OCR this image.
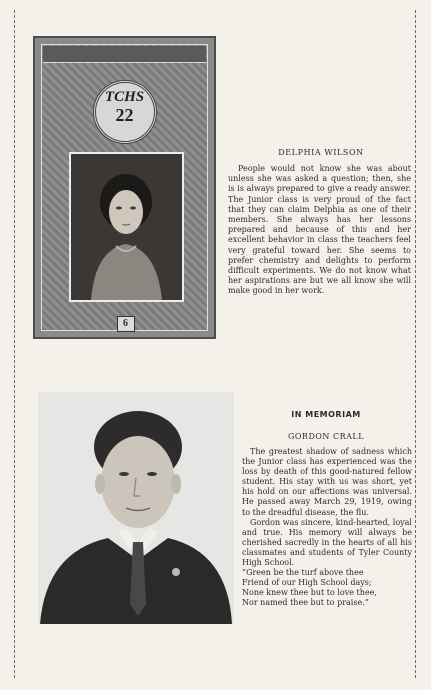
TCHS
22
6
DELPHIA WILSON

People would not know she was about unless she was asked a question; then, she is is always prepared to give a ready answer. The Junior class is very proud of the fact that they can claim Delphia as one of their members. She always has her lessons prepared and because of this and her excellent behavior in class the teachers feel very grateful toward her. She seems to prefer chemistry and delights to perform difficult experiments. We do not know what her aspirations are but we all know she will make good in her work.

IN MEMORIAM
GORDON CRALL
The greatest shadow of sadness which the Junior class has experienced was the loss by death of this good-natured fellow student. His stay with us was short, yet his hold on our affections was universal. He passed away March 29, 1919, owing to the dreadful disease, the flu.
Gordon was sincere, kind-hearted, loyal and true. His memory will always be cherished sacredly in the hearts of all his classmates and students of Tyler County High School.
“Green be the turf above thee
Friend of our High School days;
None knew thee but to love thee,
Nor named thee but to praise.”
